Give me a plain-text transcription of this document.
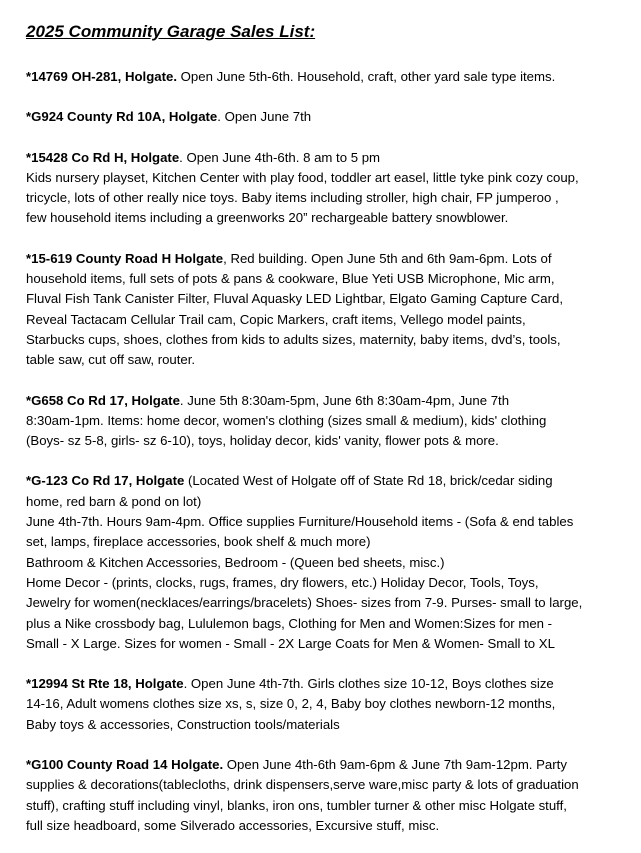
2025 Community Garage Sales List:
*14769 OH-281, Holgate. Open June 5th-6th. Household, craft, other yard sale type items.
*G924 County Rd 10A, Holgate. Open June 7th
*15428 Co Rd H, Holgate. Open June 4th-6th. 8 am to 5 pm
Kids nursery playset, Kitchen Center with play food, toddler art easel, little tyke pink cozy coup,
tricycle, lots of other really nice toys. Baby items including stroller, high chair, FP jumperoo ,
few household items including a greenworks 20” rechargeable battery snowblower.
*15-619 County Road H Holgate, Red building. Open June 5th and 6th 9am-6pm. Lots of
household items, full sets of pots & pans & cookware, Blue Yeti USB Microphone, Mic arm,
Fluval Fish Tank Canister Filter, Fluval Aquasky LED Lightbar, Elgato Gaming Capture Card,
Reveal Tactacam Cellular Trail cam, Copic Markers, craft items, Vellego model paints,
Starbucks cups, shoes, clothes from kids to adults sizes, maternity, baby items, dvd’s, tools,
table saw, cut off saw, router.
*G658 Co Rd 17, Holgate. June 5th 8:30am-5pm, June 6th 8:30am-4pm, June 7th
8:30am-1pm. Items: home decor, women's clothing (sizes small & medium), kids' clothing
(Boys- sz 5-8, girls- sz 6-10), toys, holiday decor, kids' vanity, flower pots & more.
*G-123 Co Rd 17, Holgate (Located West of Holgate off of State Rd 18, brick/cedar siding
home, red barn & pond on lot)
June 4th-7th. Hours 9am-4pm. Office supplies Furniture/Household items - (Sofa & end tables
set, lamps, fireplace accessories, book shelf & much more)
Bathroom & Kitchen Accessories, Bedroom - (Queen bed sheets, misc.)
Home Decor - (prints, clocks, rugs, frames, dry flowers, etc.) Holiday Decor, Tools, Toys,
Jewelry for women(necklaces/earrings/bracelets) Shoes- sizes from 7-9. Purses- small to large,
plus a Nike crossbody bag, Lululemon bags, Clothing for Men and Women:Sizes for men -
Small - X Large. Sizes for women - Small - 2X Large Coats for Men & Women- Small to XL
*12994 St Rte 18, Holgate. Open June 4th-7th. Girls clothes size 10-12, Boys clothes size
14-16, Adult womens clothes size xs, s, size 0, 2, 4, Baby boy clothes newborn-12 months,
Baby toys & accessories, Construction tools/materials
*G100 County Road 14 Holgate. Open June 4th-6th 9am-6pm & June 7th 9am-12pm. Party
supplies & decorations(tablecloths, drink dispensers,serve ware,misc party & lots of graduation
stuff), crafting stuff including vinyl, blanks, iron ons, tumbler turner & other misc Holgate stuff,
full size headboard, some Silverado accessories, Excursive stuff, misc.
